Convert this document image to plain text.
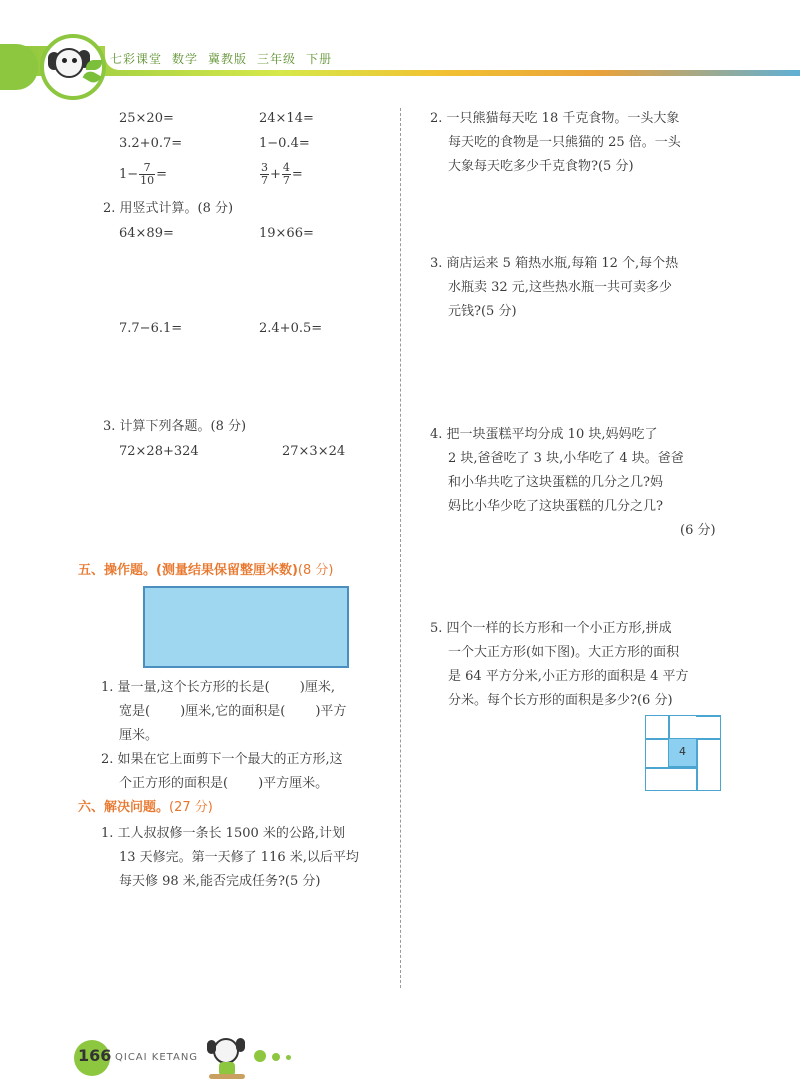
七彩课堂 数学 冀教版 三年级 下册
25×20=	24×14=
3.2+0.7=	1−0.4=
$1- \frac{7}{10}$ =	$\frac{3}{7} + \frac{4}{7}$ =
2. 用竖式计算。(8 分)
64×89=	19×66=
7.7−6.1=	2.4+0.5=
3. 计算下列各题。(8 分)
72×28+324	27×3×24
五、操作题。(测量结果保留整厘米数)(8 分)
1. 量一量,这个长方形的长是( )厘米,
宽是( )厘米,它的面积是( )平方
厘米。
2. 如果在它上面剪下一个最大的正方形,这
个正方形的面积是( )平方厘米。
六、解决问题。(27 分)
1. 工人叔叔修一条长 1500 米的公路,计划
13 天修完。第一天修了 116 米,以后平均
每天修 98 米,能否完成任务?(5 分)
2. 一只熊猫每天吃 18 千克食物。一头大象
每天吃的食物是一只熊猫的 25 倍。一头
大象每天吃多少千克食物?(5 分)
3. 商店运来 5 箱热水瓶,每箱 12 个,每个热
水瓶卖 32 元,这些热水瓶一共可卖多少
元钱?(5 分)
4. 把一块蛋糕平均分成 10 块,妈妈吃了
2 块,爸爸吃了 3 块,小华吃了 4 块。爸爸
和小华共吃了这块蛋糕的几分之几?妈
妈比小华少吃了这块蛋糕的几分之几?
(6 分)
5. 四个一样的长方形和一个小正方形,拼成
一个大正方形(如下图)。大正方形的面积
是 64 平方分米,小正方形的面积是 4 平方
分米。每个长方形的面积是多少?(6 分)
4
166 QICAI KETANG
